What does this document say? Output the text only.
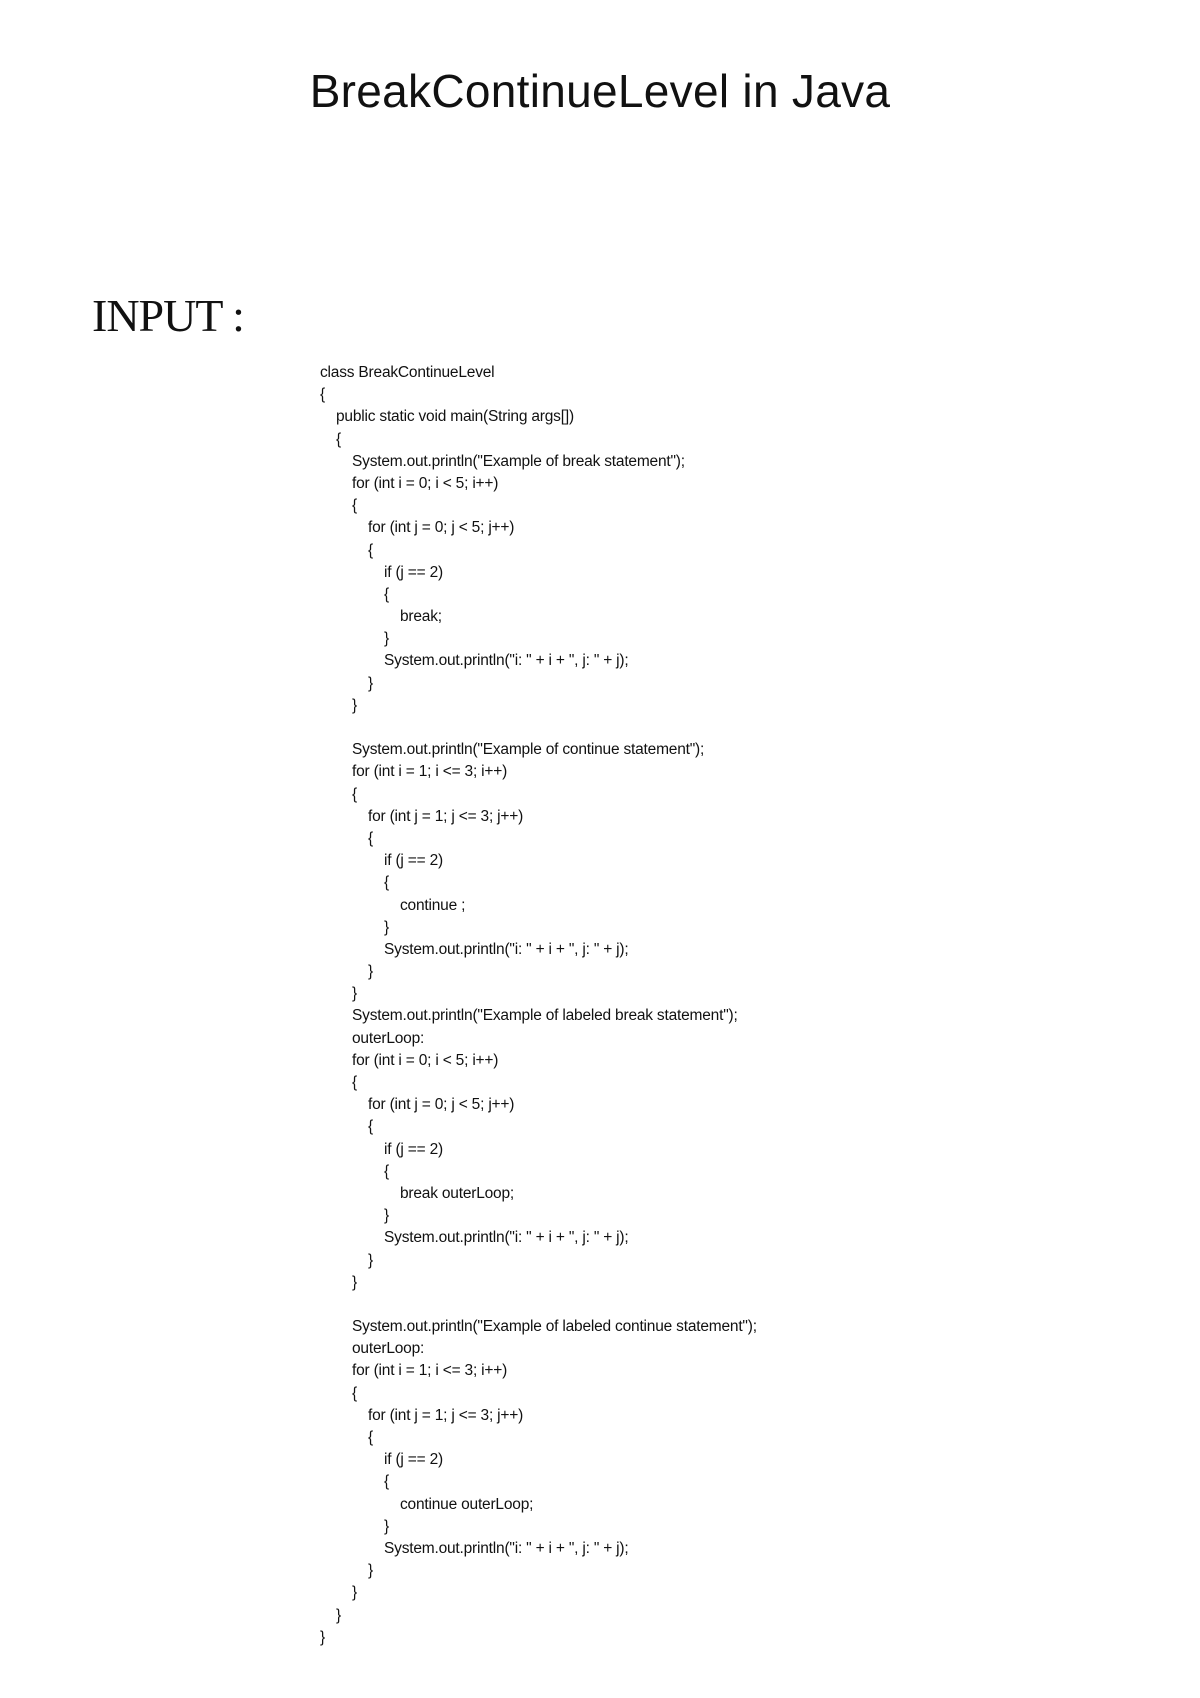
BreakContinueLevel in Java
INPUT :
class BreakContinueLevel
{
public static void main(String args[])
{
System.out.println("Example of break statement");
for (int i = 0; i < 5; i++)
{
for (int j = 0; j < 5; j++)
{
if (j == 2)
{
break;
}
System.out.println("i: " + i + ", j: " + j);
}
}
System.out.println("Example of continue statement");
for (int i = 1; i <= 3; i++)
{
for (int j = 1; j <= 3; j++)
{
if (j == 2)
{
continue ;
}
System.out.println("i: " + i + ", j: " + j);
}
}
System.out.println("Example of labeled break statement");
outerLoop:
for (int i = 0; i < 5; i++)
{
for (int j = 0; j < 5; j++)
{
if (j == 2)
{
break outerLoop;
}
System.out.println("i: " + i + ", j: " + j);
}
}
System.out.println("Example of labeled continue statement");
outerLoop:
for (int i = 1; i <= 3; i++)
{
for (int j = 1; j <= 3; j++)
{
if (j == 2)
{
continue outerLoop;
}
System.out.println("i: " + i + ", j: " + j);
}
}
}
}
